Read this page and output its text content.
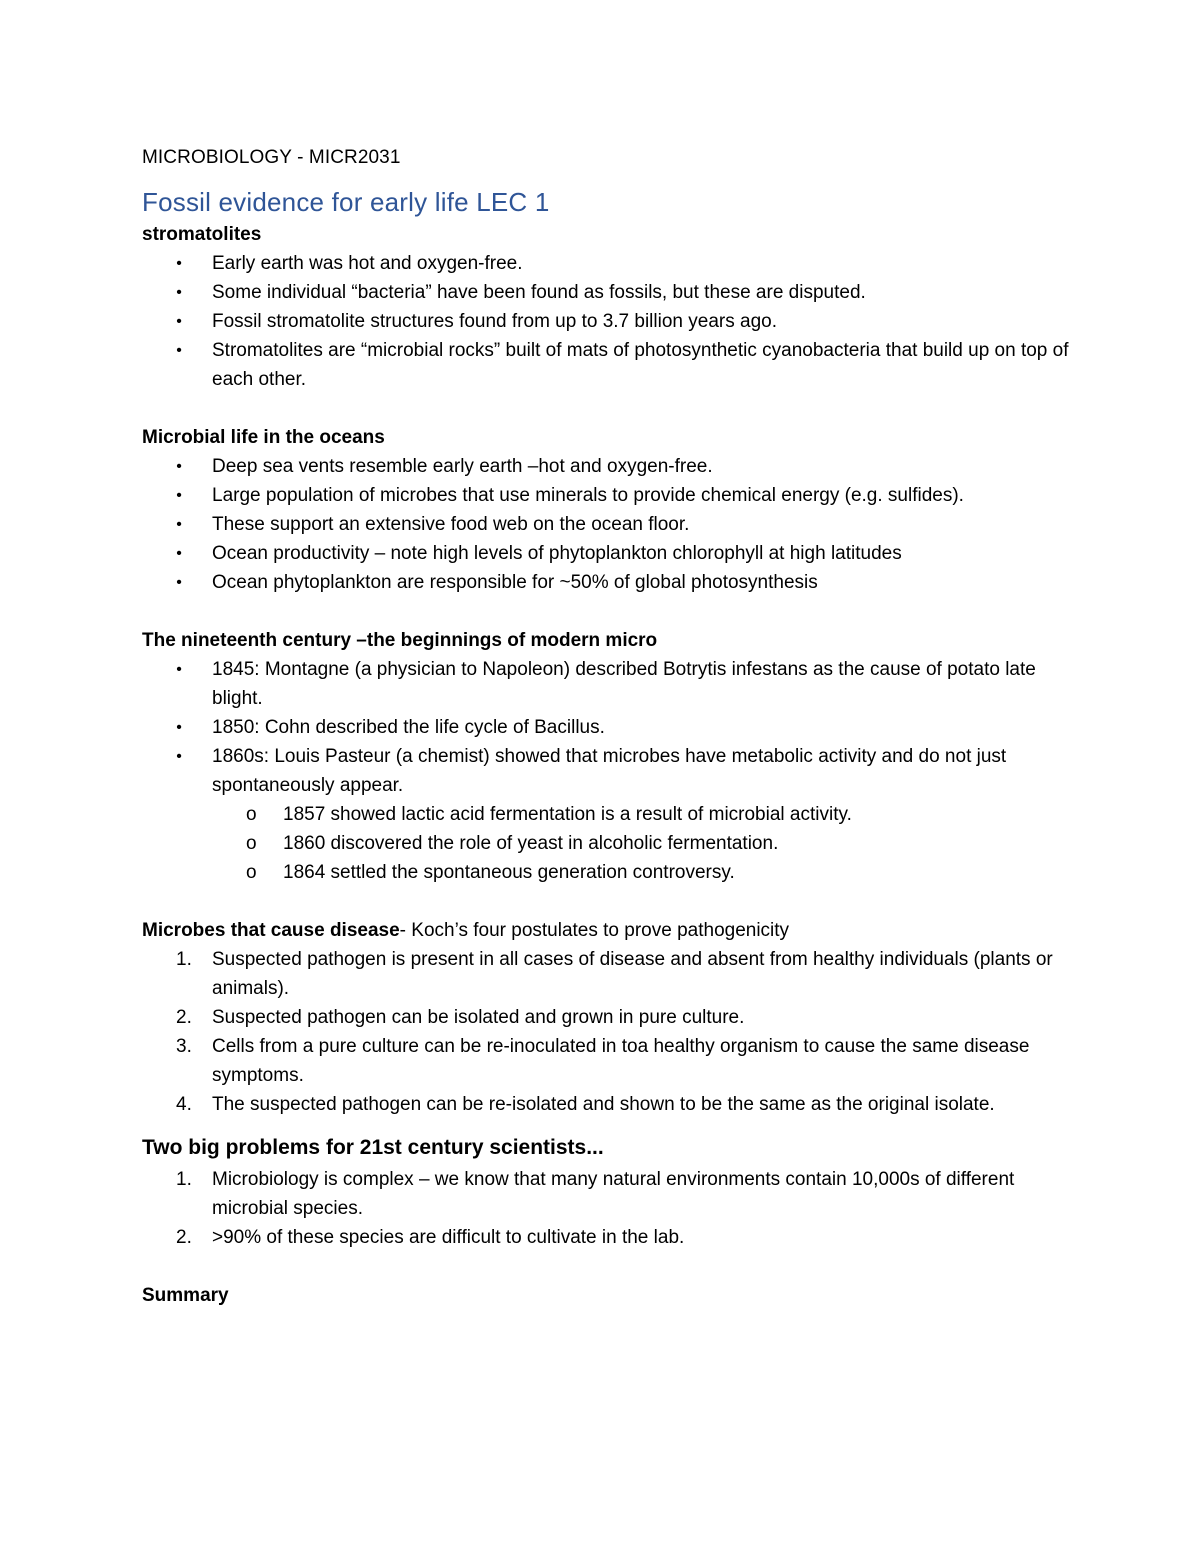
MICROBIOLOGY - MICR2031
Fossil evidence for early life LEC 1
stromatolites
• Early earth was hot and oxygen-free.
• Some individual “bacteria” have been found as fossils, but these are disputed.
• Fossil stromatolite structures found from up to 3.7 billion years ago.
• Stromatolites are “microbial rocks” built of mats of photosynthetic cyanobacteria that build up on top of each other.
Microbial life in the oceans
• Deep sea vents resemble early earth –hot and oxygen-free.
• Large population of microbes that use minerals to provide chemical energy (e.g. sulfides).
• These support an extensive food web on the ocean floor.
• Ocean productivity – note high levels of phytoplankton chlorophyll at high latitudes
• Ocean phytoplankton are responsible for ~50% of global photosynthesis
The nineteenth century –the beginnings of modern micro
• 1845: Montagne (a physician to Napoleon) described Botrytis infestans as the cause of potato late blight.
• 1850: Cohn described the life cycle of Bacillus.
• 1860s: Louis Pasteur (a chemist) showed that microbes have metabolic activity and do not just spontaneously appear.
o 1857 showed lactic acid fermentation is a result of microbial activity.
o 1860 discovered the role of yeast in alcoholic fermentation.
o 1864 settled the spontaneous generation controversy.
Microbes that cause disease- Koch’s four postulates to prove pathogenicity
1.	Suspected pathogen is present in all cases of disease and absent from healthy individuals (plants or animals).
2.	Suspected pathogen can be isolated and grown in pure culture.
3.	Cells from a pure culture can be re-inoculated in toa healthy organism to cause the same disease symptoms.
4.	The suspected pathogen can be re-isolated and shown to be the same as the original isolate.
Two big problems for 21st century scientists...
1.	Microbiology is complex – we know that many natural environments contain 10,000s of different microbial species.
2.	>90% of these species are difficult to cultivate in the lab.
Summary
